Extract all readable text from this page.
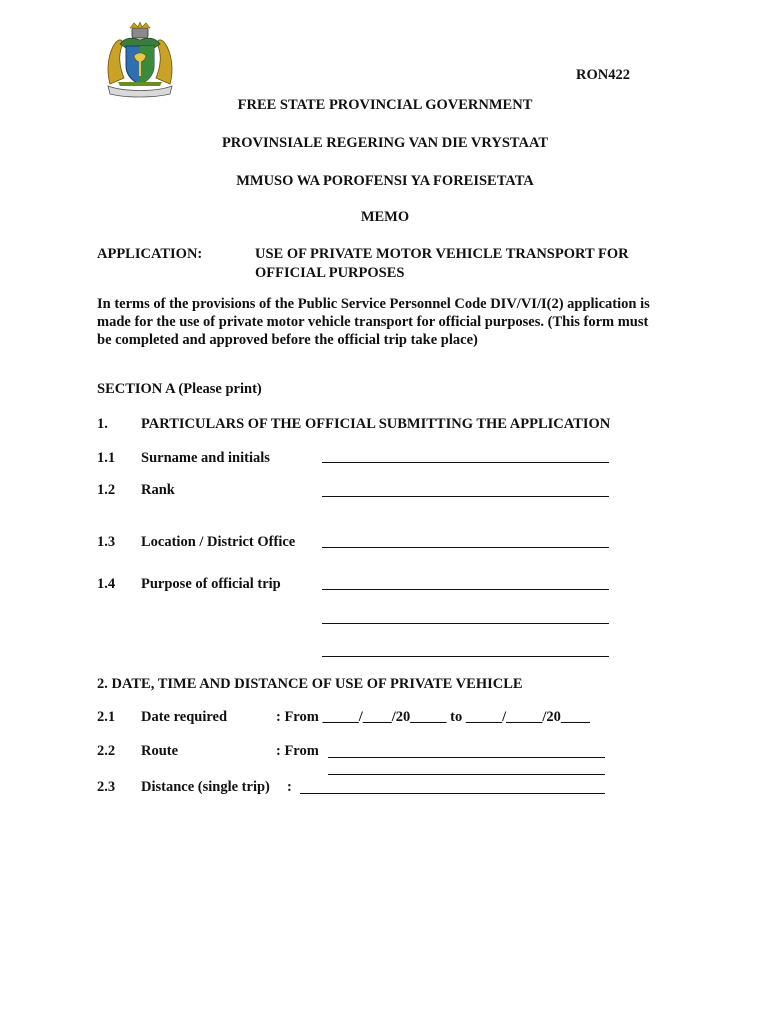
RON422
FREE STATE PROVINCIAL GOVERNMENT
PROVINSIALE REGERING VAN DIE VRYSTAAT
MMUSO WA POROFENSI YA FOREISETATA
MEMO
APPLICATION:	USE OF PRIVATE MOTOR VEHICLE TRANSPORT FOR
OFFICIAL PURPOSES
In terms of the provisions of the Public Service Personnel Code DIV/VI/I(2) application is made for the use of private motor vehicle transport for official purposes. (This form must be completed and approved before the official trip take place)
SECTION A (Please print)
1. PARTICULARS OF THE OFFICIAL SUBMITTING THE APPLICATION
1.1 Surname and initials
1.2 Rank
1.3 Location / District Office
1.4 Purpose of official trip
2. DATE, TIME AND DISTANCE OF USE OF PRIVATE VEHICLE
2.1 Date required	: From _____/____/20_____ to _____/_____/20____
2.2 Route	: From
2.3 Distance (single trip) :
